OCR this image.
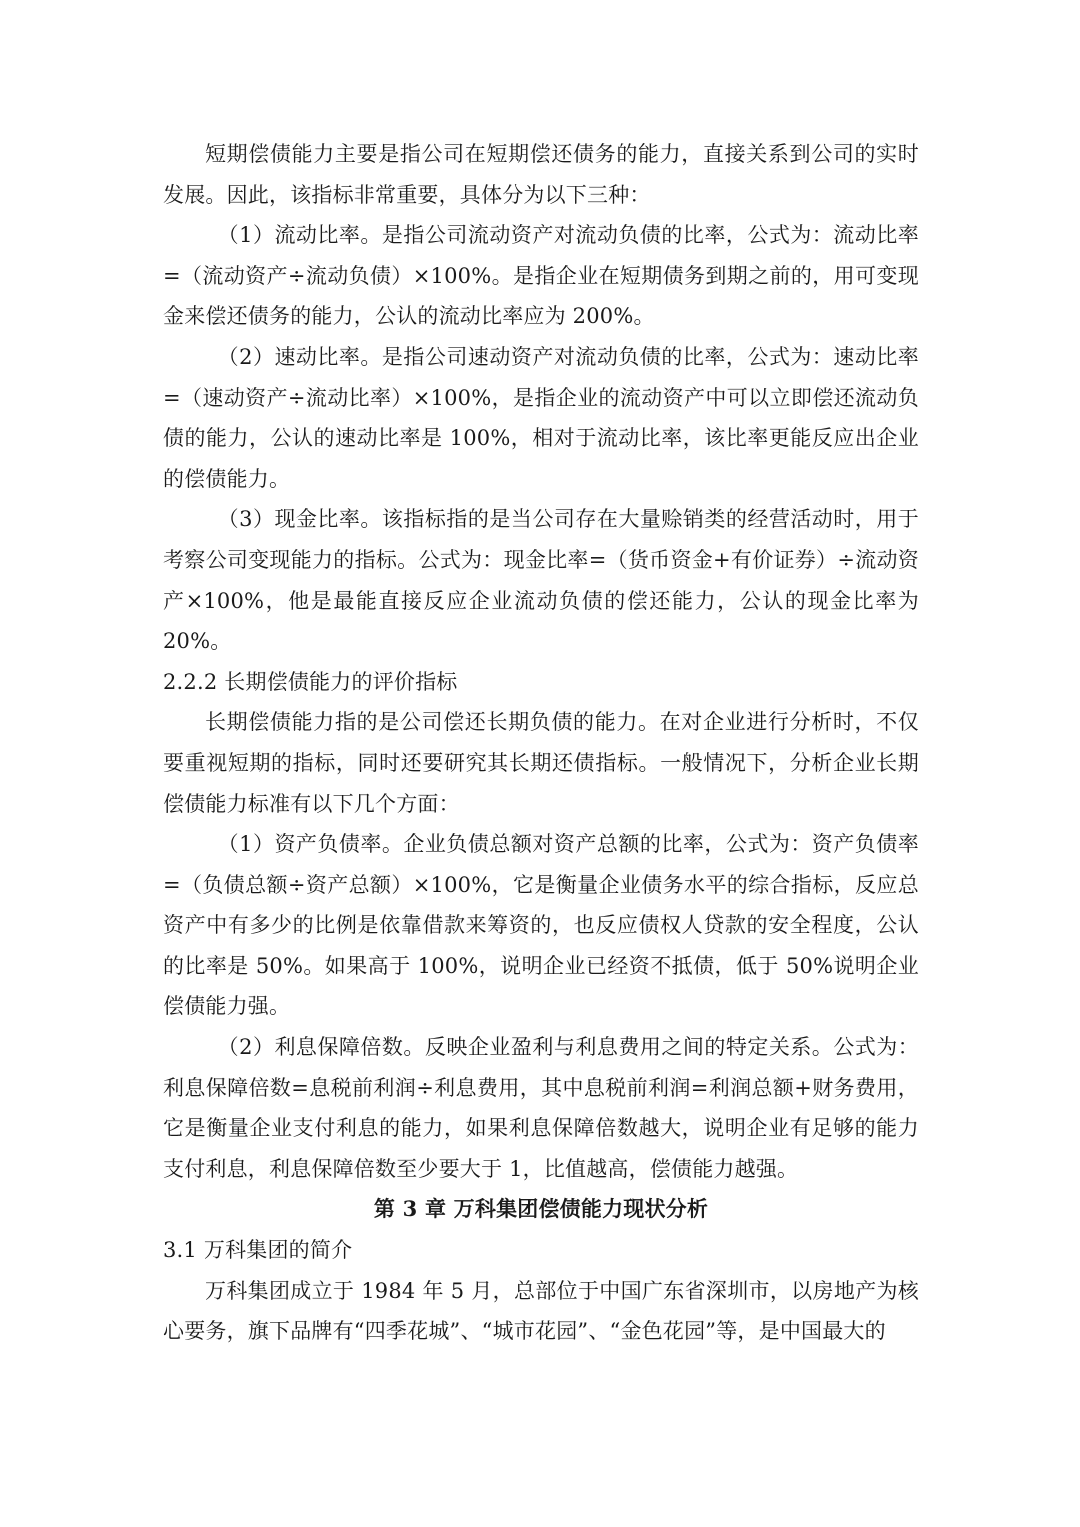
短期偿债能力主要是指公司在短期偿还债务的能力，直接关系到公司的实时发展。因此，该指标非常重要，具体分为以下三种：

（1）流动比率。是指公司流动资产对流动负债的比率，公式为：流动比率=（流动资产÷流动负债）×100%。是指企业在短期债务到期之前的，用可变现金来偿还债务的能力，公认的流动比率应为 200%。

（2）速动比率。是指公司速动资产对流动负债的比率，公式为：速动比率=（速动资产÷流动比率）×100%，是指企业的流动资产中可以立即偿还流动负债的能力，公认的速动比率是 100%，相对于流动比率，该比率更能反应出企业的偿债能力。

（3）现金比率。该指标指的是当公司存在大量赊销类的经营活动时，用于考察公司变现能力的指标。公式为：现金比率=（货币资金+有价证券）÷流动资产×100%，他是最能直接反应企业流动负债的偿还能力，公认的现金比率为 20%。

2.2.2 长期偿债能力的评价指标

长期偿债能力指的是公司偿还长期负债的能力。在对企业进行分析时，不仅要重视短期的指标，同时还要研究其长期还债指标。一般情况下，分析企业长期偿债能力标准有以下几个方面：

（1）资产负债率。企业负债总额对资产总额的比率，公式为：资产负债率=（负债总额÷资产总额）×100%，它是衡量企业债务水平的综合指标，反应总资产中有多少的比例是依靠借款来筹资的，也反应债权人贷款的安全程度，公认的比率是 50%。如果高于 100%，说明企业已经资不抵债，低于 50%说明企业偿债能力强。

（2）利息保障倍数。反映企业盈利与利息费用之间的特定关系。公式为：利息保障倍数=息税前利润÷利息费用，其中息税前利润=利润总额+财务费用，它是衡量企业支付利息的能力，如果利息保障倍数越大，说明企业有足够的能力支付利息，利息保障倍数至少要大于 1，比值越高，偿债能力越强。

第 3 章 万科集团偿债能力现状分析

3.1 万科集团的简介

万科集团成立于 1984 年 5 月，总部位于中国广东省深圳市，以房地产为核心要务，旗下品牌有“四季花城”、“城市花园”、“金色花园”等，是中国最大的
